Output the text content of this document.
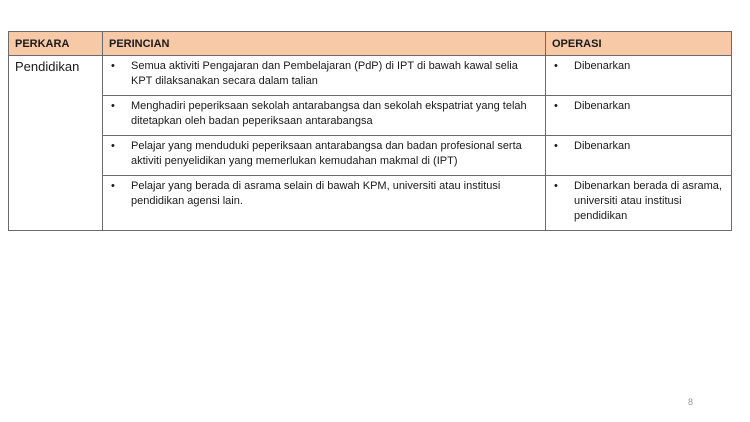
PERKARA	PERINCIAN	OPERASI
Pendidikan	• Semua aktiviti Pengajaran dan Pembelajaran (PdP) di IPT di bawah kawal selia KPT dilaksanakan secara dalam talian	• Dibenarkan

	• Menghadiri peperiksaan sekolah antarabangsa dan sekolah ekspatriat yang telah ditetapkan oleh badan peperiksaan antarabangsa	• Dibenarkan

	• Pelajar yang menduduki peperiksaan antarabangsa dan badan profesional serta aktiviti penyelidikan yang memerlukan kemudahan makmal di (IPT)	• Dibenarkan

	• Pelajar yang berada di asrama selain di bawah KPM, universiti atau institusi pendidikan agensi lain.	• Dibenarkan berada di asrama, universiti atau institusi pendidikan
8
